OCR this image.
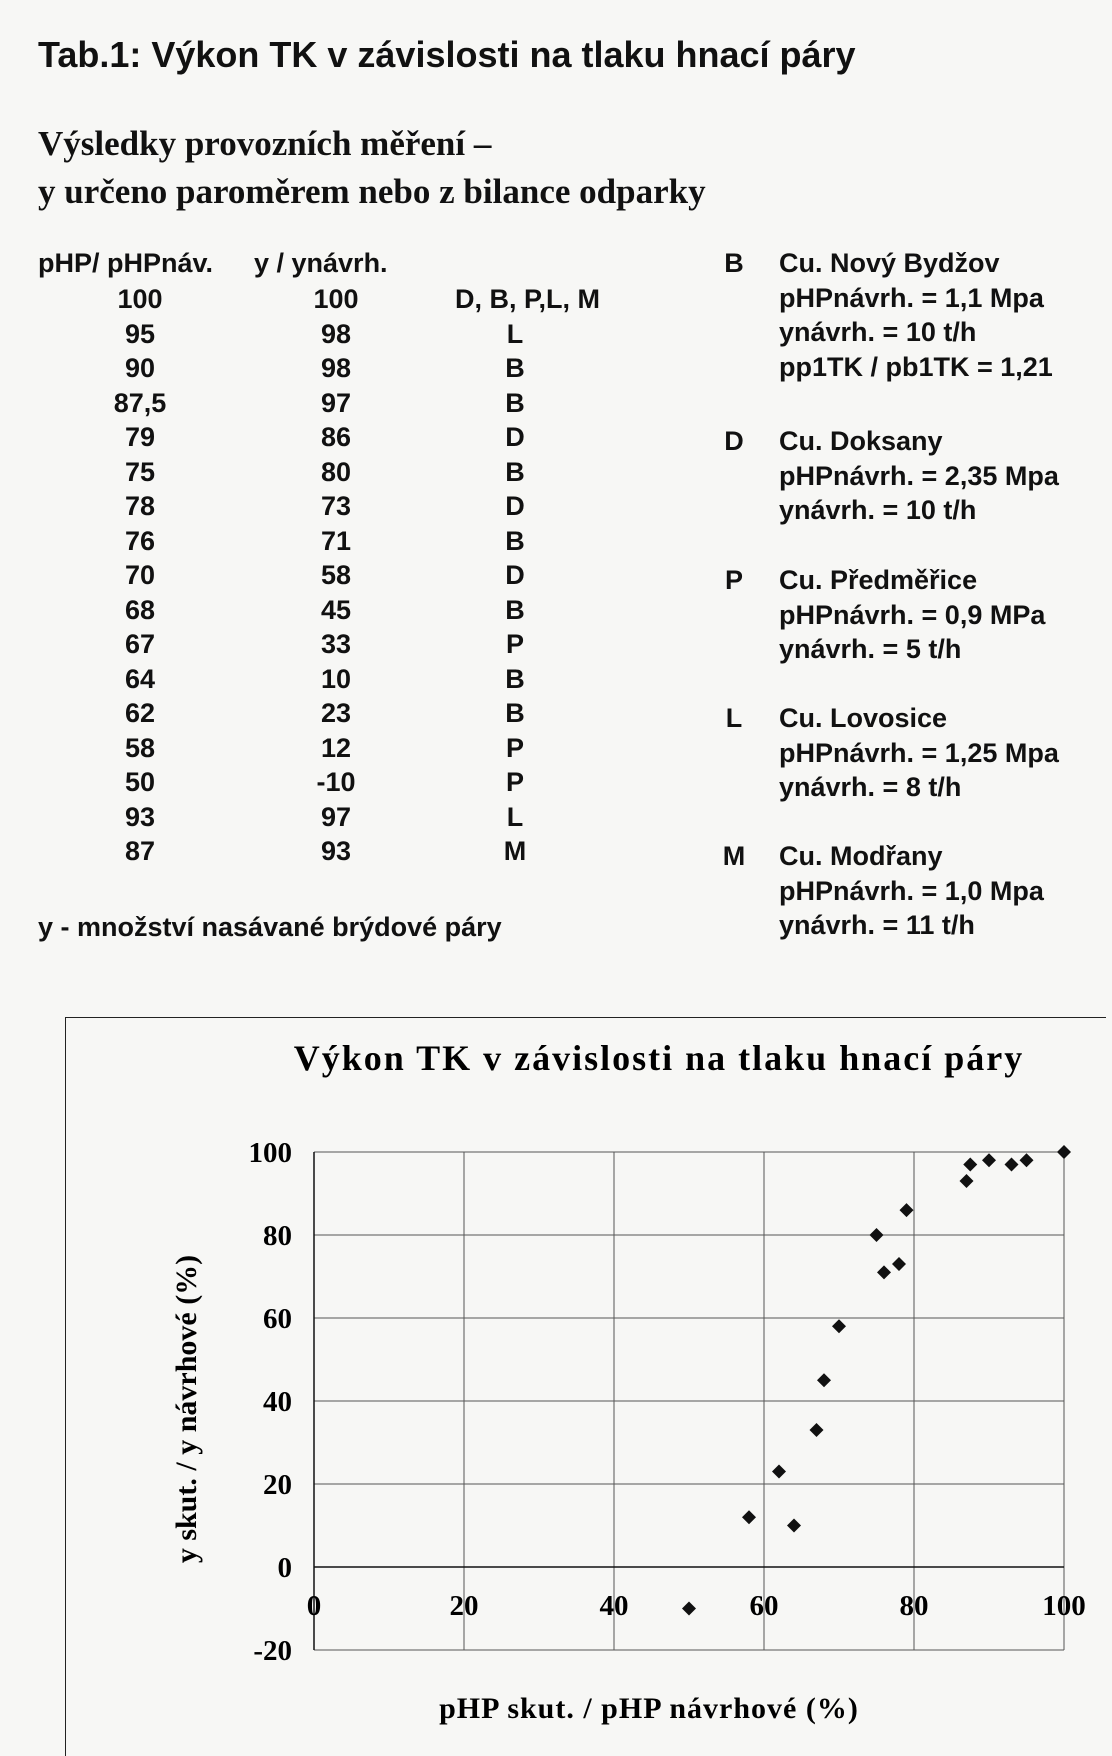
Tab.1: Výkon TK v závislosti na tlaku hnací páry
Výsledky provozních měření –
y určeno paroměrem nebo z bilance odparky
pHP/ pHPnáv. y / ynávrh.
100	100	D, B, P,L, M
95	98	L
90	98	B
87,5	97	B
79	86	D
75	80	B
78	73	D
76	71	B
70	58	D
68	45	B
67	33	P
64	10	B
62	23	B
58	12	P
50	-10	P
93	97	L
87	93	M
y - množství nasávané brýdové páry
B Cu. Nový Bydžov
pHPnávrh. = 1,1 Mpa
ynávrh. = 10 t/h
pp1TK / pb1TK = 1,21
D Cu. Doksany
pHPnávrh. = 2,35 Mpa
ynávrh. = 10 t/h
P Cu. Předměřice
pHPnávrh. = 0,9 MPa
ynávrh. = 5 t/h
L Cu. Lovosice
pHPnávrh. = 1,25 Mpa
ynávrh. = 8 t/h
M Cu. Modřany
pHPnávrh. = 1,0 Mpa
ynávrh. = 11 t/h
Výkon TK v závislosti na tlaku hnací páry
100
80
60
40
20
0
-20
0	20	40	60	80	100
pHP skut. / pHP návrhové (%)
y skut. / y návrhové (%)
